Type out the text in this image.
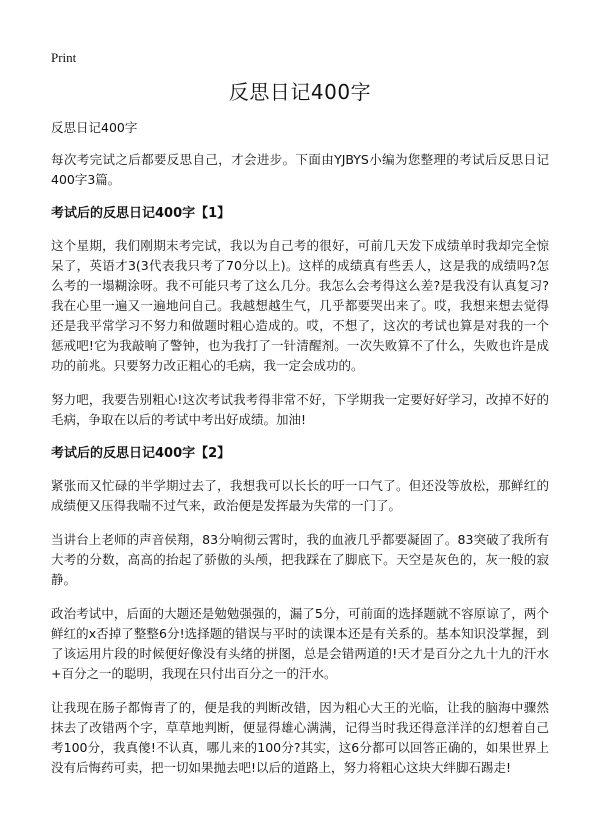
Print
反思日记400字

反思日记400字

每次考完试之后都要反思自己，才会进步。下面由YJBYS小编为您整理的考试后反思日记400字3篇。

考试后的反思日记400字【1】

这个星期，我们刚期末考完试，我以为自己考的很好，可前几天发下成绩单时我却完全惊呆了，英语才3(3代表我只考了70分以上)。这样的成绩真有些丢人，这是我的成绩吗?怎么考的一塌糊涂呀。我不可能只考了这么几分。我怎么会考得这么差?是我没有认真复习?我在心里一遍又一遍地问自己。我越想越生气，几乎都要哭出来了。哎，我想来想去觉得还是我平常学习不努力和做题时粗心造成的。哎，不想了，这次的考试也算是对我的一个惩戒吧!它为我敲响了警钟，也为我打了一针清醒剂。一次失败算不了什么，失败也许是成功的前兆。只要努力改正粗心的毛病，我一定会成功的。

努力吧，我要告别粗心!这次考试我考得非常不好，下学期我一定要好好学习，改掉不好的毛病，争取在以后的考试中考出好成绩。加油!

考试后的反思日记400字【2】

紧张而又忙碌的半学期过去了，我想我可以长长的吁一口气了。但还没等放松，那鲜红的成绩便又压得我喘不过气来，政治便是发挥最为失常的一门了。

当讲台上老师的声音侯翔，83分响彻云霄时，我的血液几乎都要凝固了。83突破了我所有大考的分数，高高的抬起了骄傲的头颅，把我踩在了脚底下。天空是灰色的，灰一般的寂静。

政治考试中，后面的大题还是勉勉强强的，漏了5分，可前面的选择题就不容原谅了，两个鲜红的x否掉了整整6分!选择题的错误与平时的读课本还是有关系的。基本知识没掌握，到了该运用片段的时候便好像没有头绪的拼图，总是会错两道的!天才是百分之九十九的汗水+百分之一的聪明，我现在只付出百分之一的汗水。

让我现在肠子都悔青了的，便是我的判断改错，因为粗心大王的光临，让我的脑海中骤然抹去了改错两个字，草草地判断，便显得雄心满满，记得当时我还得意洋洋的幻想着自己考100分，我真傻!不认真，哪儿来的100分?其实，这6分都可以回答正确的，如果世界上没有后悔药可卖，把一切如果抛去吧!以后的道路上，努力将粗心这块大绊脚石踢走!
